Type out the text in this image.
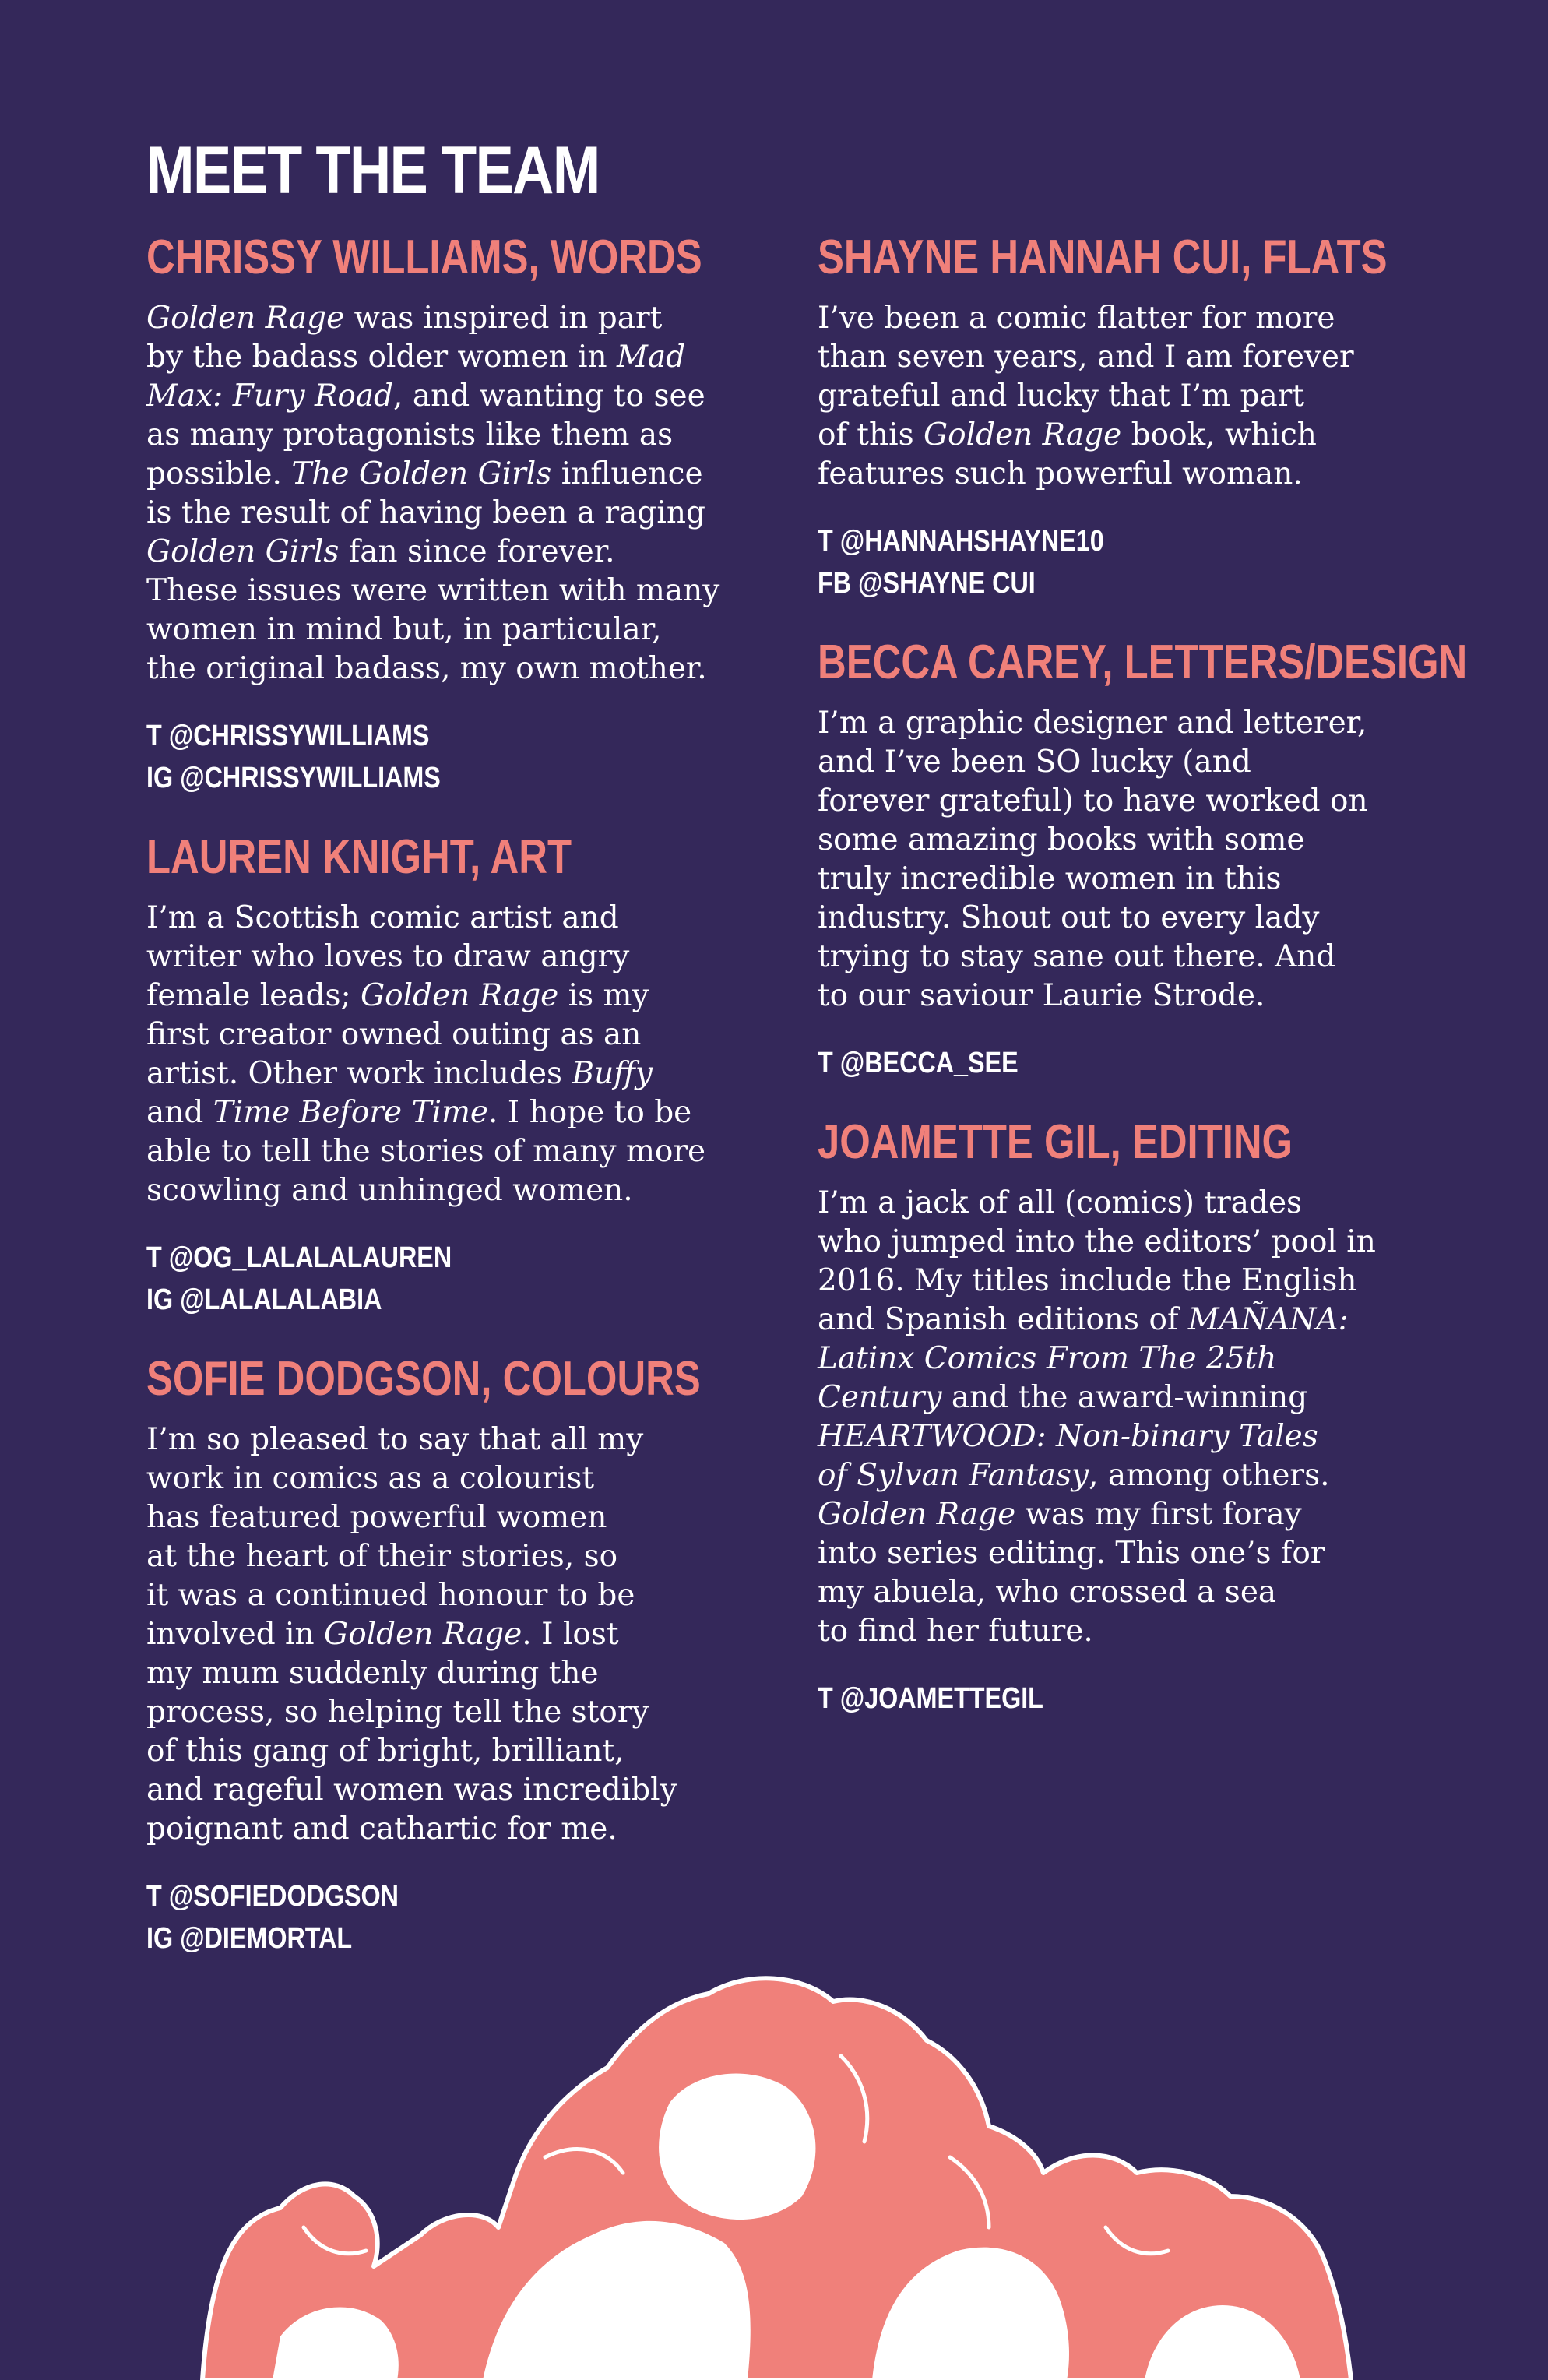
MEET THE TEAM
CHRISSY WILLIAMS, WORDS

Golden Rage was inspired in part
by the badass older women in Mad
Max: Fury Road, and wanting to see
as many protagonists like them as
possible. The Golden Girls influence
is the result of having been a raging
Golden Girls fan since forever.
These issues were written with many
women in mind but, in particular,
the original badass, my own mother.

T @CHRISSYWILLIAMS
IG @CHRISSYWILLIAMS
LAUREN KNIGHT, ART

I’m a Scottish comic artist and
writer who loves to draw angry
female leads; Golden Rage is my
first creator owned outing as an
artist. Other work includes Buffy
and Time Before Time. I hope to be
able to tell the stories of many more
scowling and unhinged women.

T @OG_LALALALAUREN
IG @LALALALABIA
SOFIE DODGSON, COLOURS

I’m so pleased to say that all my
work in comics as a colourist
has featured powerful women
at the heart of their stories, so
it was a continued honour to be
involved in Golden Rage. I lost
my mum suddenly during the
process, so helping tell the story
of this gang of bright, brilliant,
and rageful women was incredibly
poignant and cathartic for me.

T @SOFIEDODGSON
IG @DIEMORTAL
SHAYNE HANNAH CUI, FLATS

I’ve been a comic flatter for more
than seven years, and I am forever
grateful and lucky that I’m part
of this Golden Rage book, which
features such powerful woman.

T @HANNAHSHAYNE10
FB @SHAYNE CUI
BECCA CAREY, LETTERS/DESIGN

I’m a graphic designer and letterer,
and I’ve been SO lucky (and
forever grateful) to have worked on
some amazing books with some
truly incredible women in this
industry. Shout out to every lady
trying to stay sane out there. And
to our saviour Laurie Strode.

T @BECCA_SEE
JOAMETTE GIL, EDITING

I’m a jack of all (comics) trades
who jumped into the editors’ pool in
2016. My titles include the English
and Spanish editions of MAÑANA:
Latinx Comics From The 25th
Century and the award-winning
HEARTWOOD: Non-binary Tales
of Sylvan Fantasy, among others.
Golden Rage was my first foray
into series editing. This one’s for
my abuela, who crossed a sea
to find her future.

T @JOAMETTEGIL
